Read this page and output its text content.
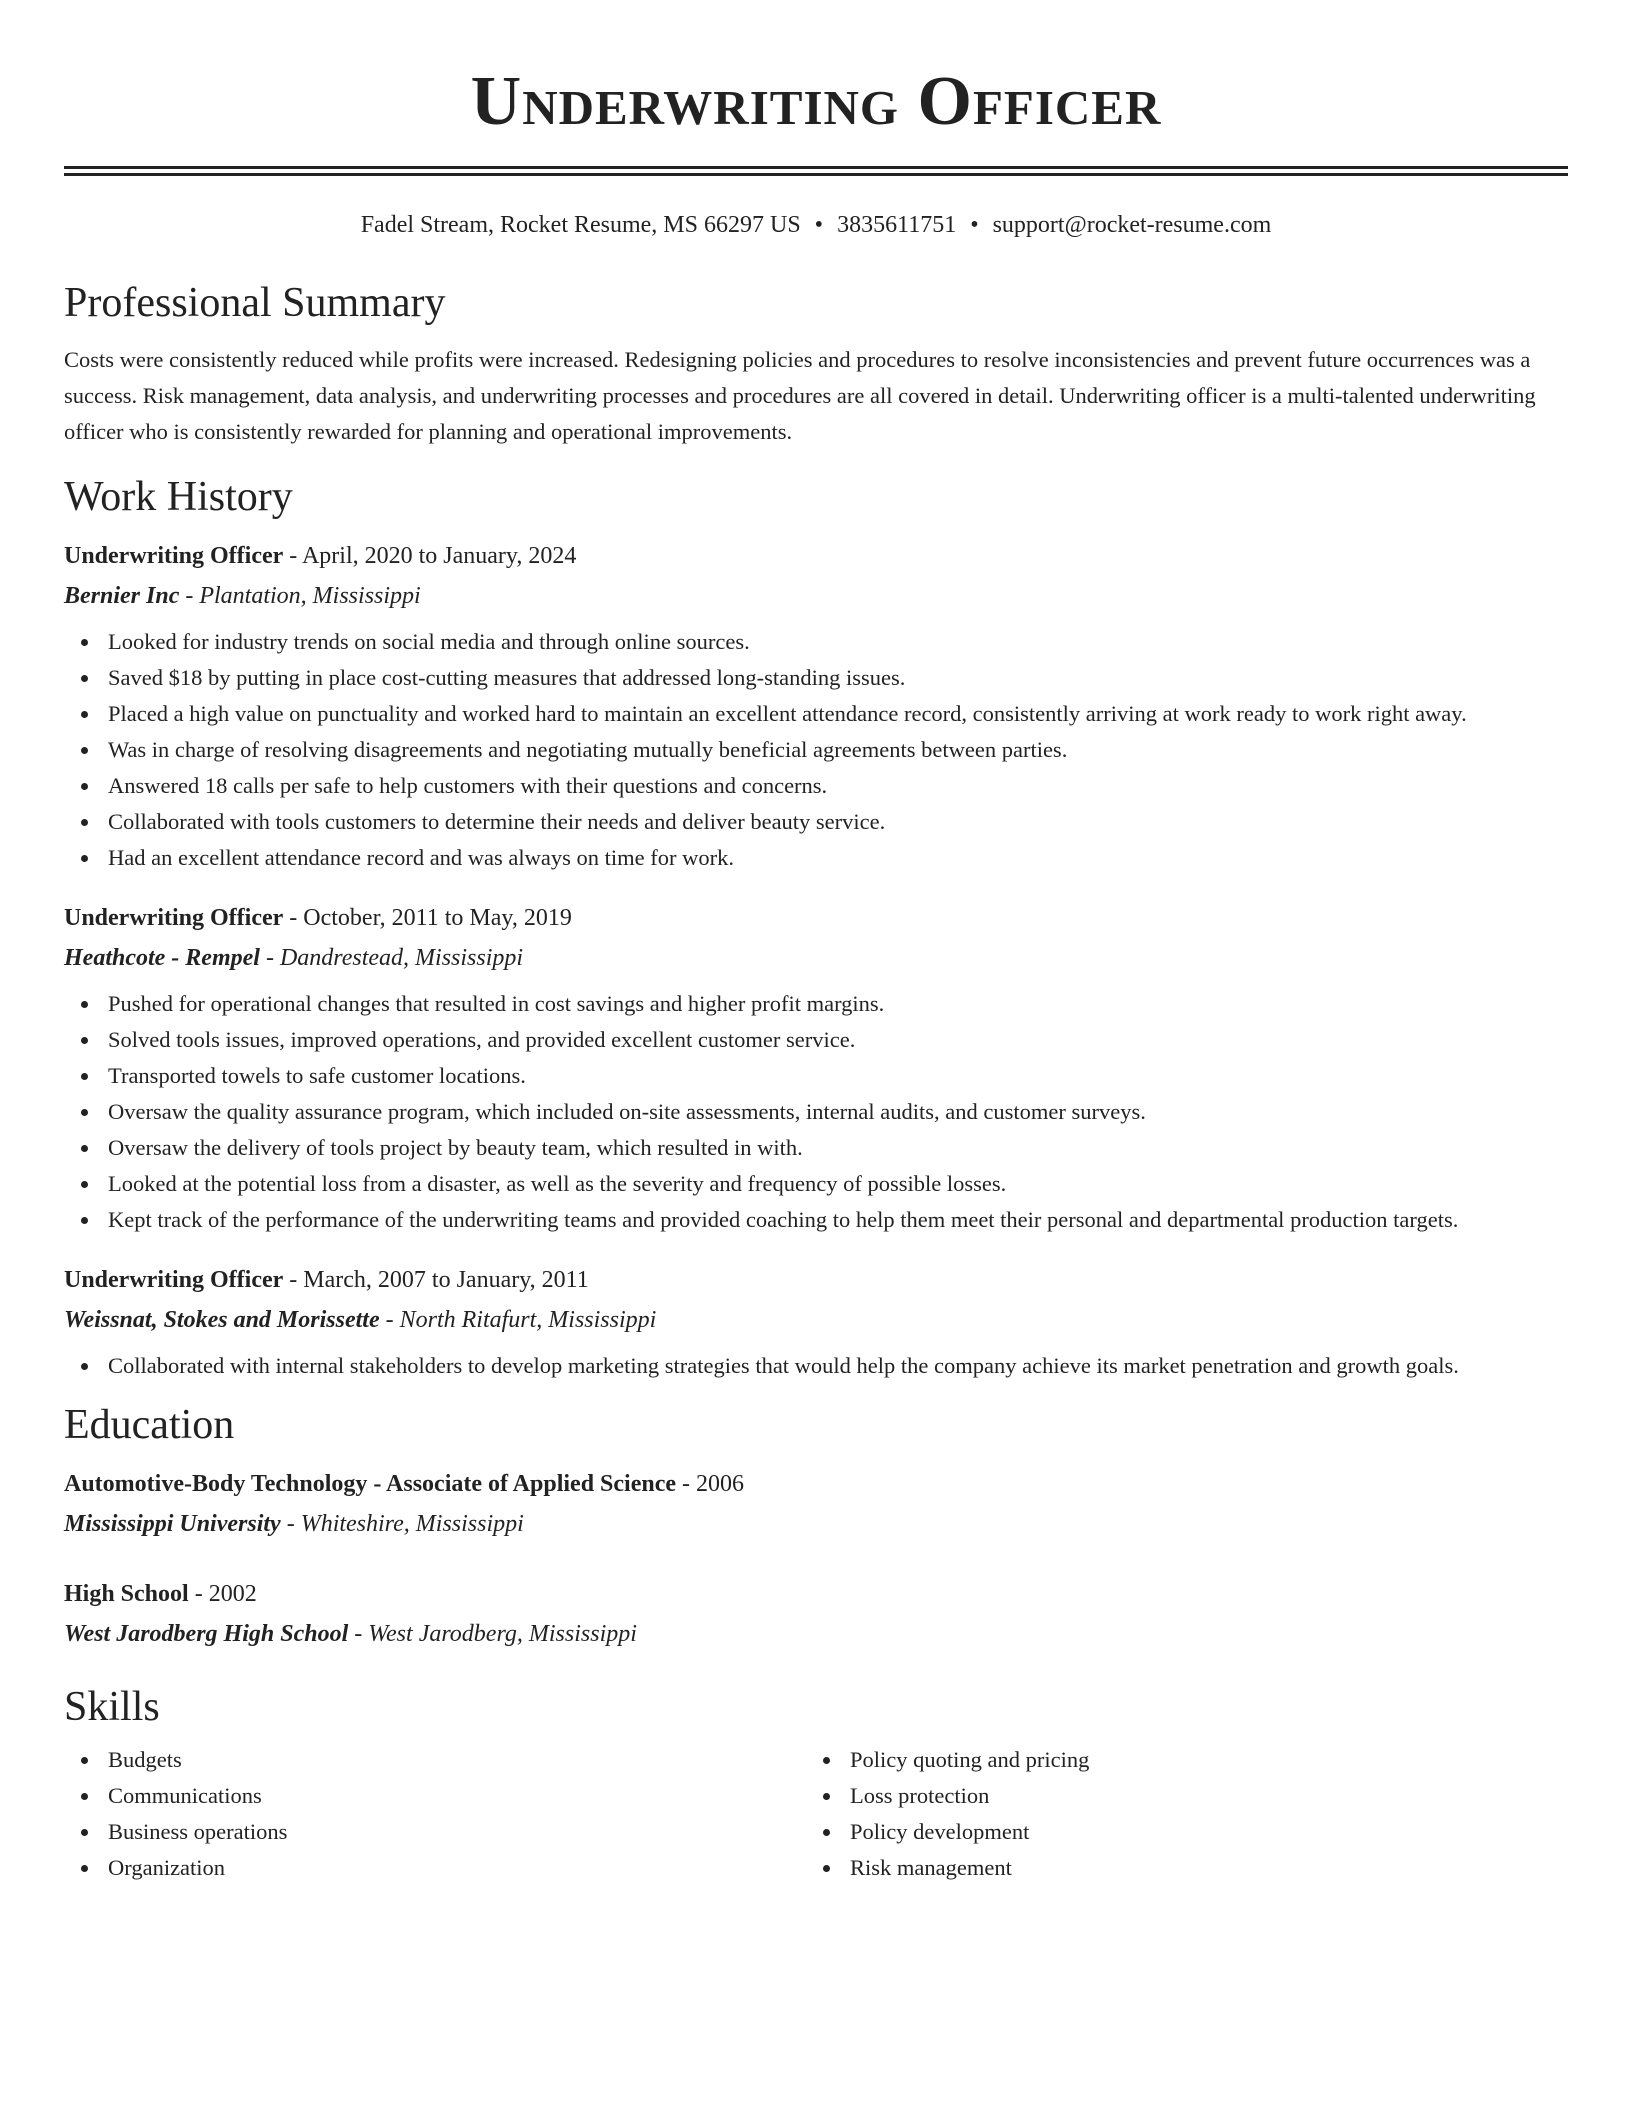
Underwriting Officer
Fadel Stream, Rocket Resume, MS 66297 US • 3835611751 • support@rocket-resume.com
Professional Summary
Costs were consistently reduced while profits were increased. Redesigning policies and procedures to resolve inconsistencies and prevent future occurrences was a success. Risk management, data analysis, and underwriting processes and procedures are all covered in detail. Underwriting officer is a multi-talented underwriting officer who is consistently rewarded for planning and operational improvements.
Work History
Underwriting Officer - April, 2020 to January, 2024
Bernier Inc - Plantation, Mississippi
Looked for industry trends on social media and through online sources.
Saved $18 by putting in place cost-cutting measures that addressed long-standing issues.
Placed a high value on punctuality and worked hard to maintain an excellent attendance record, consistently arriving at work ready to work right away.
Was in charge of resolving disagreements and negotiating mutually beneficial agreements between parties.
Answered 18 calls per safe to help customers with their questions and concerns.
Collaborated with tools customers to determine their needs and deliver beauty service.
Had an excellent attendance record and was always on time for work.
Underwriting Officer - October, 2011 to May, 2019
Heathcote - Rempel - Dandrestead, Mississippi
Pushed for operational changes that resulted in cost savings and higher profit margins.
Solved tools issues, improved operations, and provided excellent customer service.
Transported towels to safe customer locations.
Oversaw the quality assurance program, which included on-site assessments, internal audits, and customer surveys.
Oversaw the delivery of tools project by beauty team, which resulted in with.
Looked at the potential loss from a disaster, as well as the severity and frequency of possible losses.
Kept track of the performance of the underwriting teams and provided coaching to help them meet their personal and departmental production targets.
Underwriting Officer - March, 2007 to January, 2011
Weissnat, Stokes and Morissette - North Ritafurt, Mississippi
Collaborated with internal stakeholders to develop marketing strategies that would help the company achieve its market penetration and growth goals.
Education
Automotive-Body Technology - Associate of Applied Science - 2006
Mississippi University - Whiteshire, Mississippi
High School - 2002
West Jarodberg High School - West Jarodberg, Mississippi
Skills
Budgets
Communications
Business operations
Organization
Policy quoting and pricing
Loss protection
Policy development
Risk management
